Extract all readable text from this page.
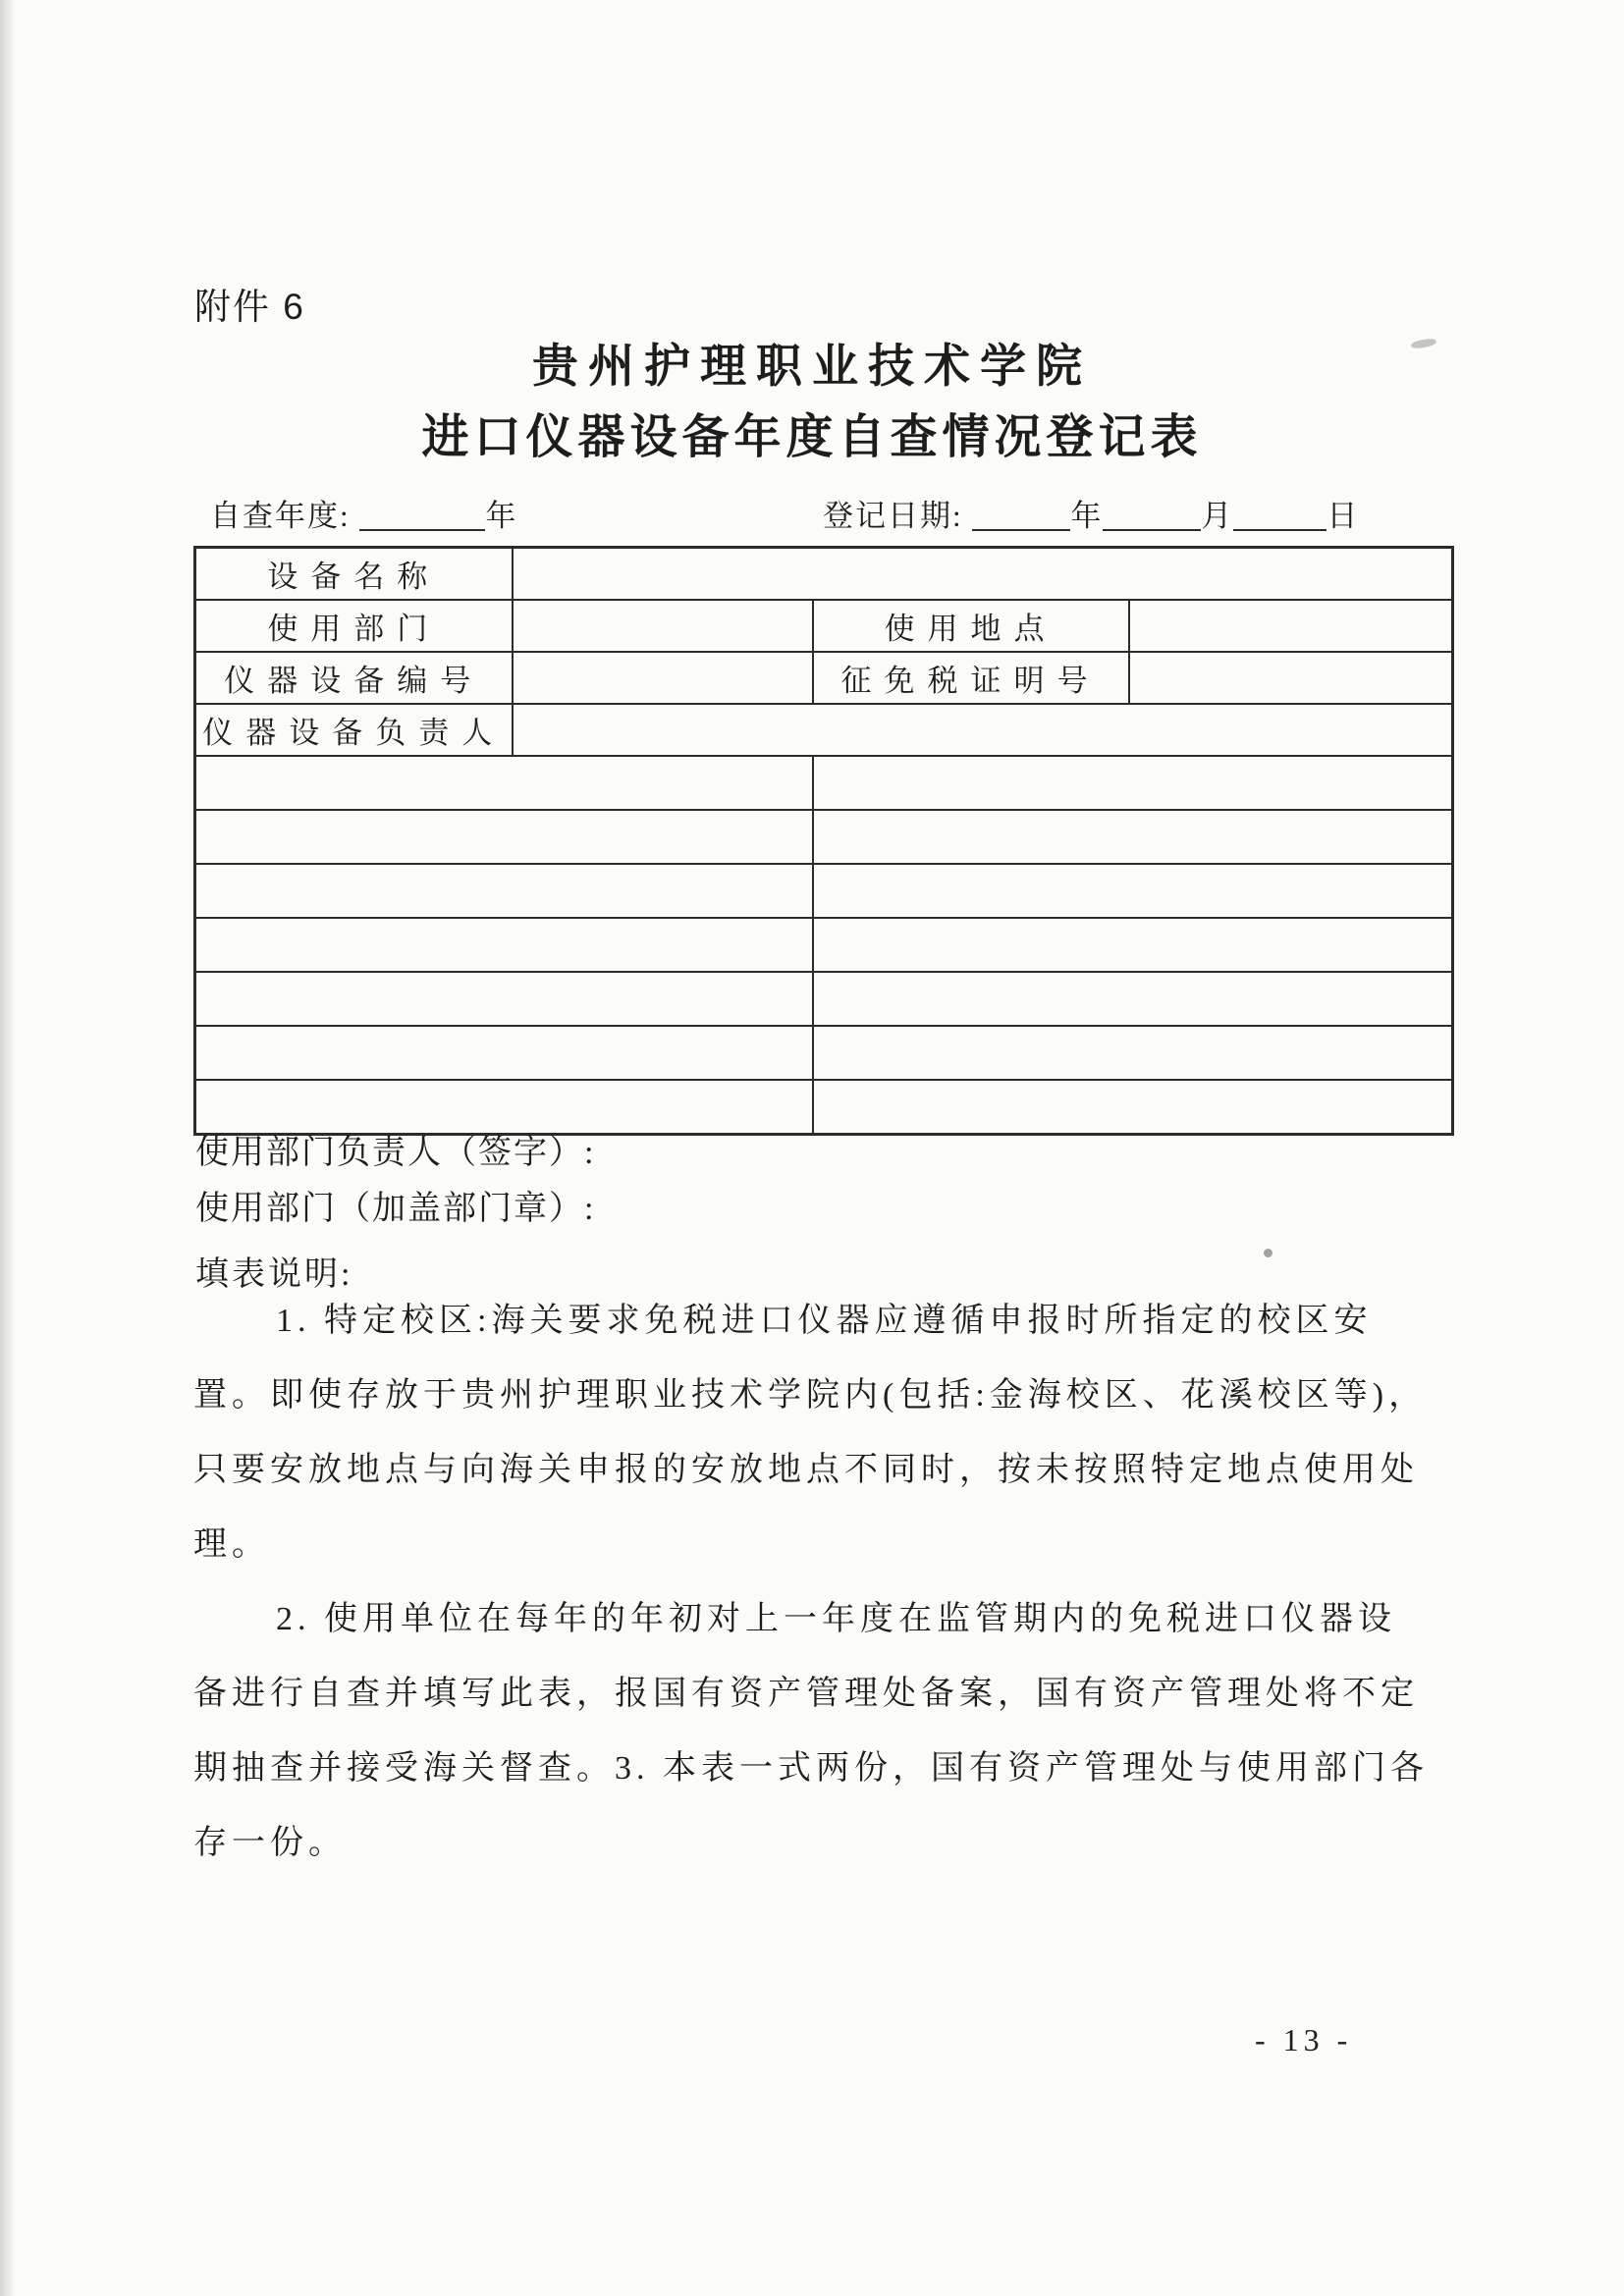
附件 6
贵州护理职业技术学院
进口仪器设备年度自查情况登记表
自查年度:	年	登记日期:	年	月	日
设备名称			
使用部门		使用地点	
仪器设备编号		征免税证明号	
仪器设备负责人			

使用部门负责人（签字）:
使用部门（加盖部门章）:
填表说明:
1. 特定校区:海关要求免税进口仪器应遵循申报时所指定的校区安
置。即使存放于贵州护理职业技术学院内(包括:金海校区、花溪校区等)，
只要安放地点与向海关申报的安放地点不同时，按未按照特定地点使用处
理。
2. 使用单位在每年的年初对上一年度在监管期内的免税进口仪器设
备进行自查并填写此表，报国有资产管理处备案，国有资产管理处将不定
期抽查并接受海关督查。3. 本表一式两份，国有资产管理处与使用部门各
存一份。
- 13 -
